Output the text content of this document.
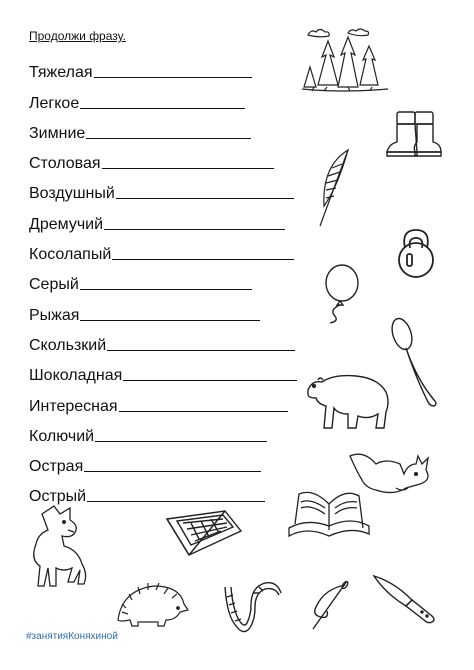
Продолжи фразу.
Тяжелая
Легкое
Зимние
Столовая
Воздушный
Дремучий
Косолапый
Серый
Рыжая
Скользкий
Шоколадная
Интересная
Колючий
Острая
Острый
#занятияКоняхиной
